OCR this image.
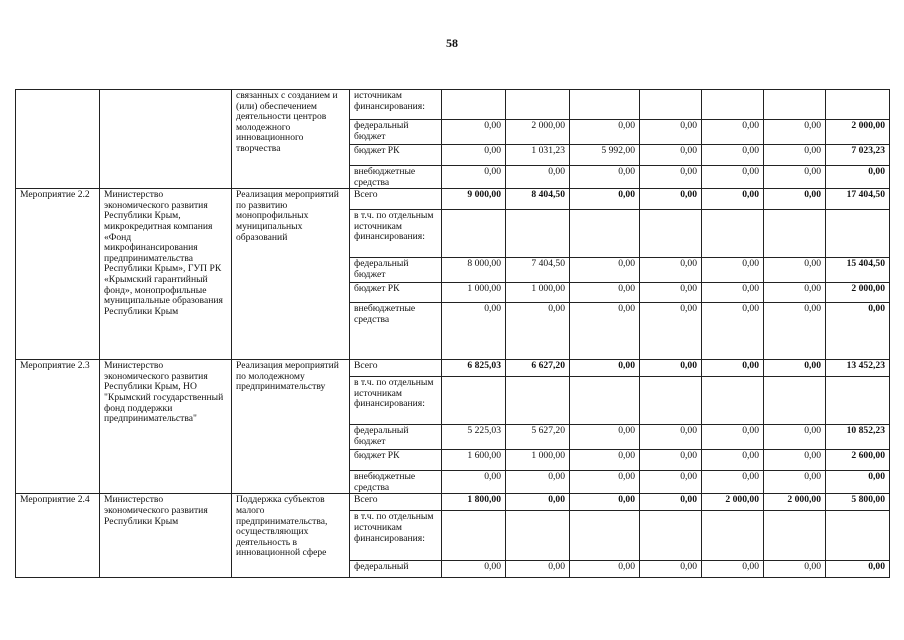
58
		связанных с созданием и (или) обеспечением деятельности центров молодежного инновационного творчества	источникам финансирования:							
			федеральный бюджет	0,00	2 000,00	0,00	0,00	0,00	0,00	2 000,00
			бюджет РК	0,00	1 031,23	5 992,00	0,00	0,00	0,00	7 023,23
			внебюджетные средства	0,00	0,00	0,00	0,00	0,00	0,00	0,00
Мероприятие 2.2	Министерство экономического развития Республики Крым, микрокредитная компания «Фонд микрофинансирования предпринимательства Республики Крым», ГУП РК «Крымский гарантийный фонд», монопрофильные муниципальные образования Республики Крым	Реализация мероприятий по развитию монопрофильных муниципальных образований	Всего	9 000,00	8 404,50	0,00	0,00	0,00	0,00	17 404,50
			в т.ч. по отдельным источникам финансирования:							
			федеральный бюджет	8 000,00	7 404,50	0,00	0,00	0,00	0,00	15 404,50
			бюджет РК	1 000,00	1 000,00	0,00	0,00	0,00	0,00	2 000,00
			внебюджетные средства	0,00	0,00	0,00	0,00	0,00	0,00	0,00
Мероприятие 2.3	Министерство экономического развития Республики Крым, НО "Крымский государственный фонд поддержки предпринимательства"	Реализация мероприятий по молодежному предпринимательству	Всего	6 825,03	6 627,20	0,00	0,00	0,00	0,00	13 452,23
			в т.ч. по отдельным источникам финансирования:							
			федеральный бюджет	5 225,03	5 627,20	0,00	0,00	0,00	0,00	10 852,23
			бюджет РК	1 600,00	1 000,00	0,00	0,00	0,00	0,00	2 600,00
			внебюджетные средства	0,00	0,00	0,00	0,00	0,00	0,00	0,00
Мероприятие 2.4	Министерство экономического развития Республики Крым	Поддержка субъектов малого предпринимательства, осуществляющих деятельность в инновационной сфере	Всего	1 800,00	0,00	0,00	0,00	2 000,00	2 000,00	5 800,00
			в т.ч. по отдельным источникам финансирования:							
			федеральный	0,00	0,00	0,00	0,00	0,00	0,00	0,00
